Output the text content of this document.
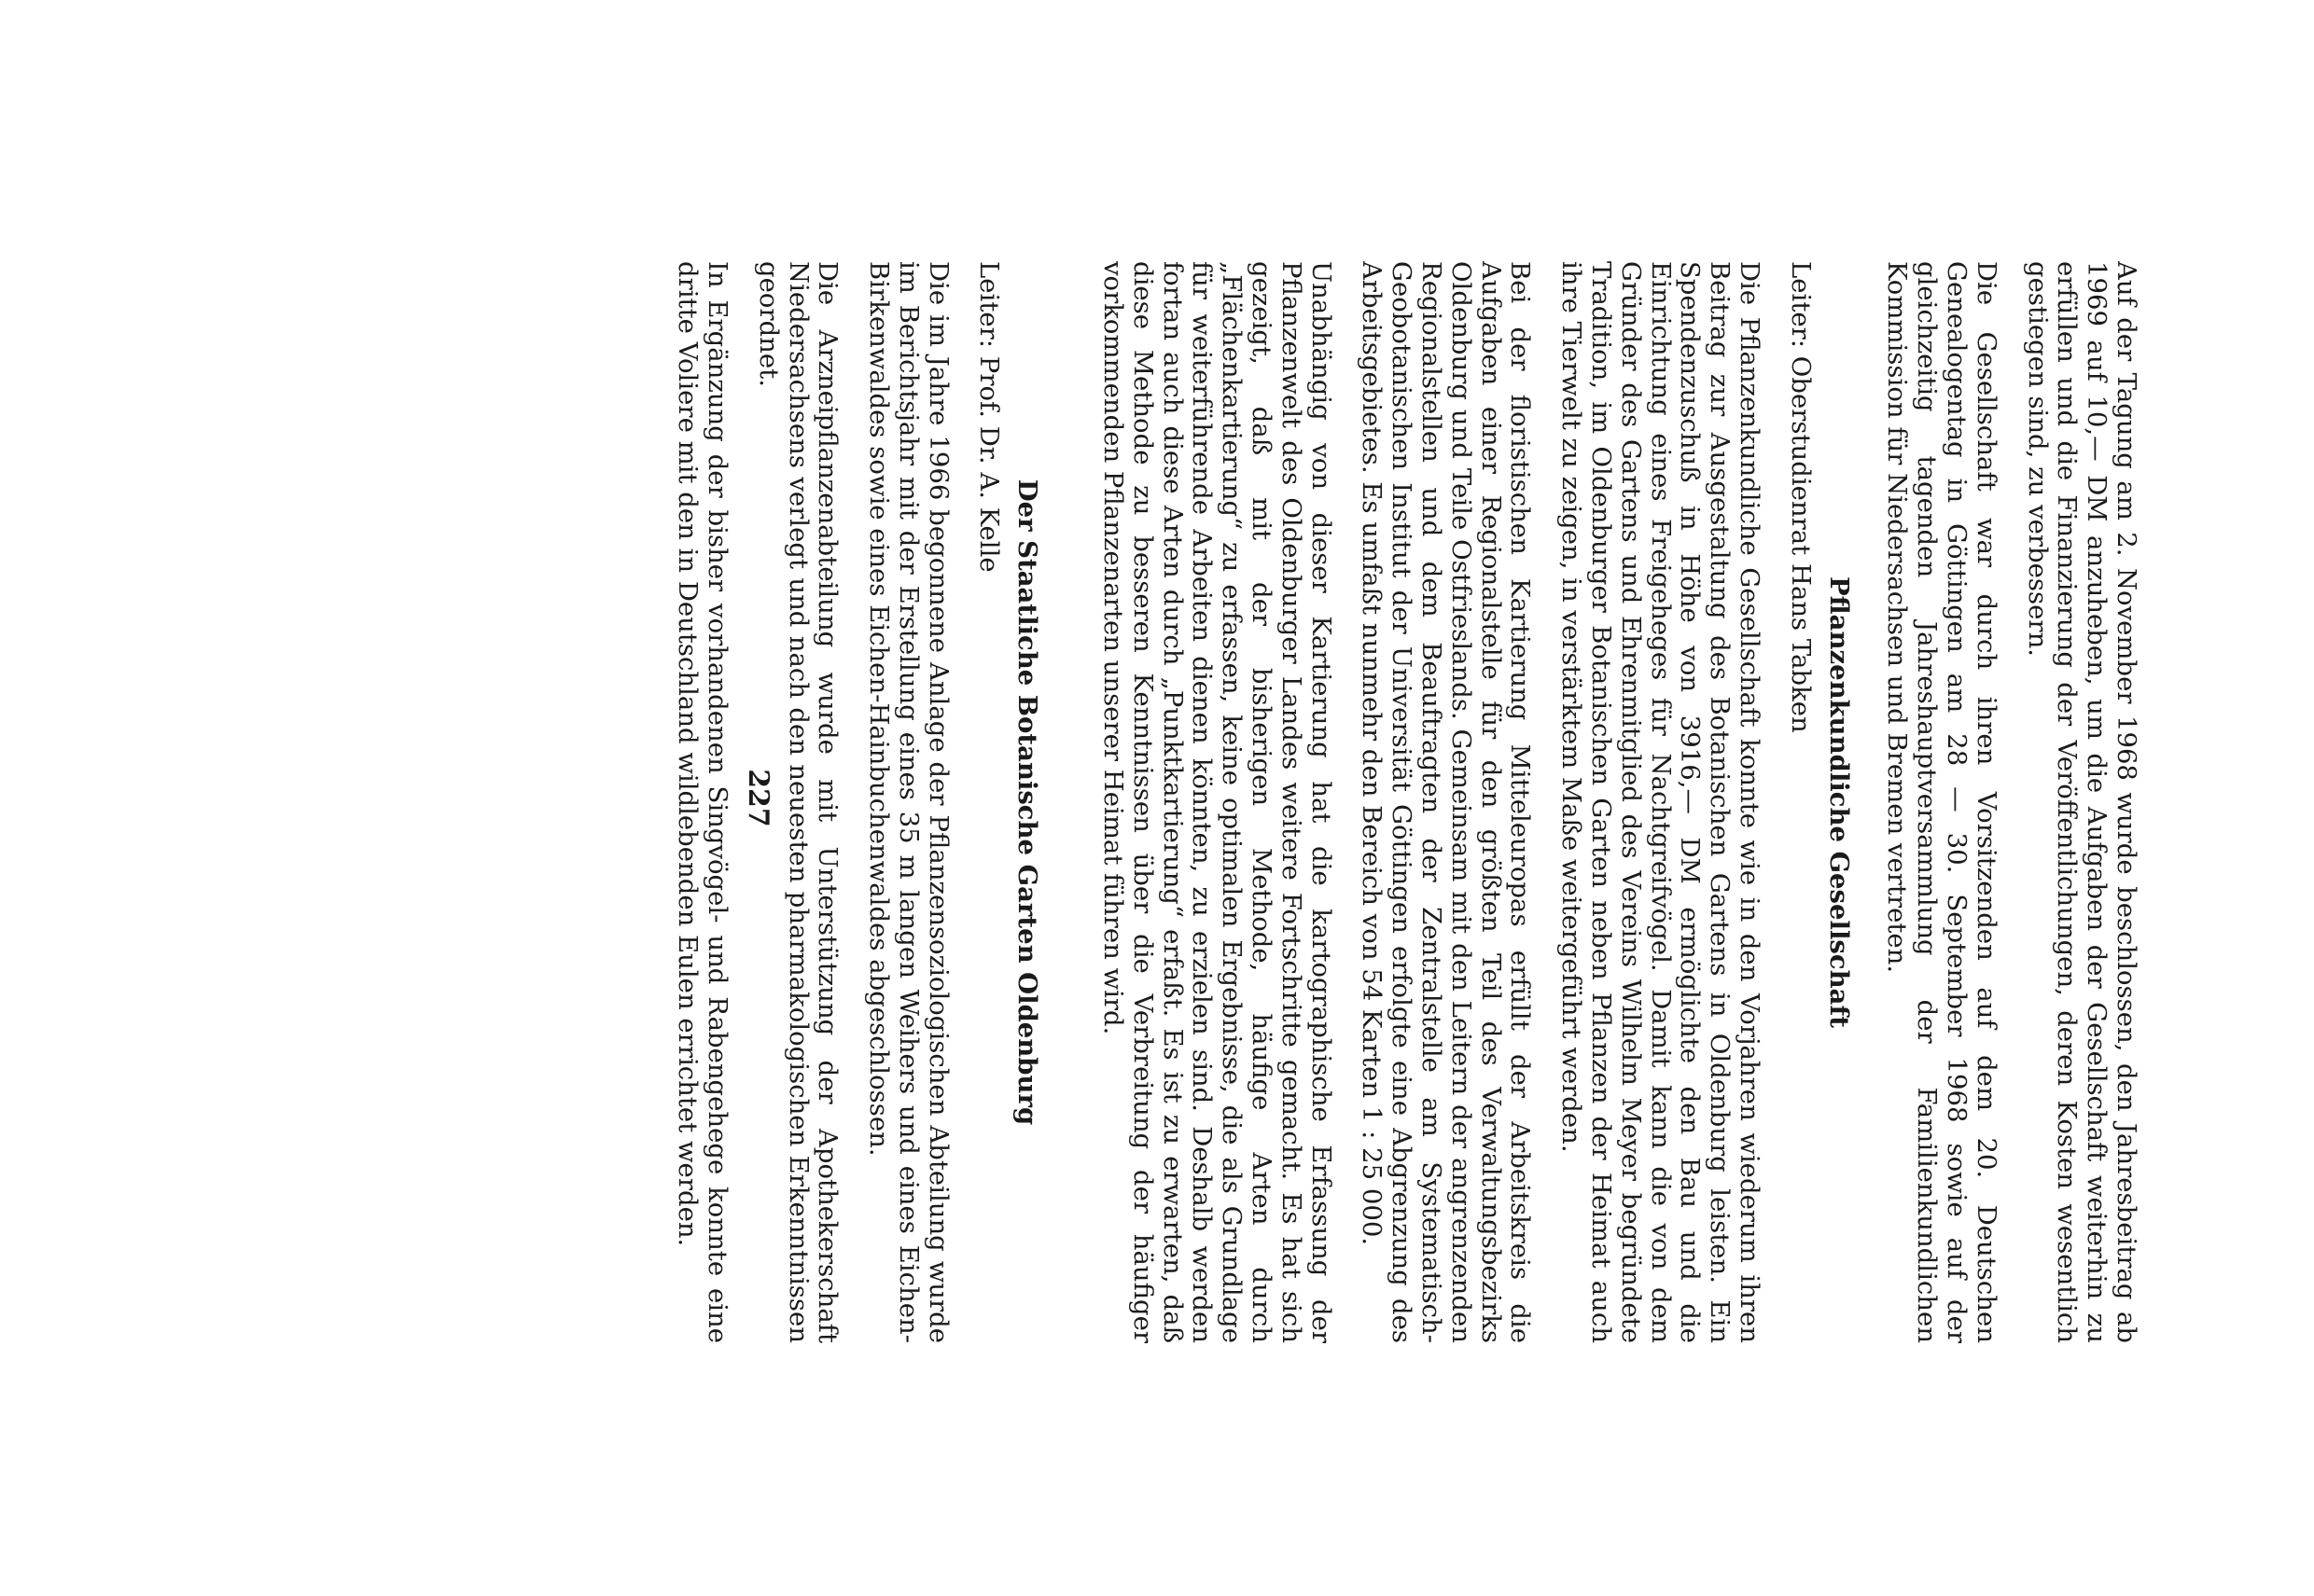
Auf der Tagung am 2. November 1968 wurde beschlossen, den Jahresbeitrag ab 1969 auf 10,— DM anzuheben, um die Aufgaben der Gesellschaft weiterhin zu erfüllen und die Finanzierung der Veröffentlichungen, deren Kosten wesentlich gestiegen sind, zu verbessern.

Die Gesellschaft war durch ihren Vorsitzenden auf dem 20. Deutschen Genealogentag in Göttingen am 28 — 30. September 1968 sowie auf der gleichzeitig tagenden Jahreshauptversammlung der Familienkundlichen Kommission für Niedersachsen und Bremen vertreten.

Pflanzenkundliche Gesellschaft
Leiter: Oberstudienrat Hans Tabken

Die Pflanzenkundliche Gesellschaft konnte wie in den Vorjahren wiederum ihren Beitrag zur Ausgestaltung des Botanischen Gartens in Oldenburg leisten. Ein Spendenzuschuß in Höhe von 3916,— DM ermöglichte den Bau und die Einrichtung eines Freigeheges für Nachtgreifvögel. Damit kann die von dem Gründer des Gartens und Ehrenmitglied des Vereins Wilhelm Meyer begründete Tradition, im Oldenburger Botanischen Garten neben Pflanzen der Heimat auch ihre Tierwelt zu zeigen, in verstärktem Maße weitergeführt werden.

Bei der floristischen Kartierung Mitteleuropas erfüllt der Arbeitskreis die Aufgaben einer Regionalstelle für den größten Teil des Verwaltungsbezirks Oldenburg und Teile Ostfrieslands. Gemeinsam mit den Leitern der angrenzenden Regionalstellen und dem Beauftragten der Zentralstelle am Systematisch-Geobotanischen Institut der Universität Göttingen erfolgte eine Abgrenzung des Arbeitsgebietes. Es umfaßt nunmehr den Bereich von 54 Karten 1 : 25 000.

Unabhängig von dieser Kartierung hat die kartographische Erfassung der Pflanzenwelt des Oldenburger Landes weitere Fortschritte gemacht. Es hat sich gezeigt, daß mit der bisherigen Methode, häufige Arten durch „Flächenkartierung“ zu erfassen, keine optimalen Ergebnisse, die als Grundlage für weiterführende Arbeiten dienen könnten, zu erzielen sind. Deshalb werden fortan auch diese Arten durch „Punktkartierung“ erfaßt. Es ist zu erwarten, daß diese Methode zu besseren Kenntnissen über die Verbreitung der häufiger vorkommenden Pflanzenarten unserer Heimat führen wird.

Der Staatliche Botanische Garten Oldenburg
Leiter: Prof. Dr. A. Kelle

Die im Jahre 1966 begonnene Anlage der Pflanzensoziologischen Abteilung wurde im Berichtsjahr mit der Erstellung eines 35 m langen Weihers und eines Eichen-Birkenwaldes sowie eines Eichen-Hainbuchenwaldes abgeschlossen.

Die Arzneipflanzenabteilung wurde mit Unterstützung der Apothekerschaft Niedersachsens verlegt und nach den neuesten pharmakologischen Erkenntnissen geordnet.

In Ergänzung der bisher vorhandenen Singvögel- und Rabengehege konnte eine dritte Voliere mit den in Deutschland wildlebenden Eulen errichtet werden.	227
